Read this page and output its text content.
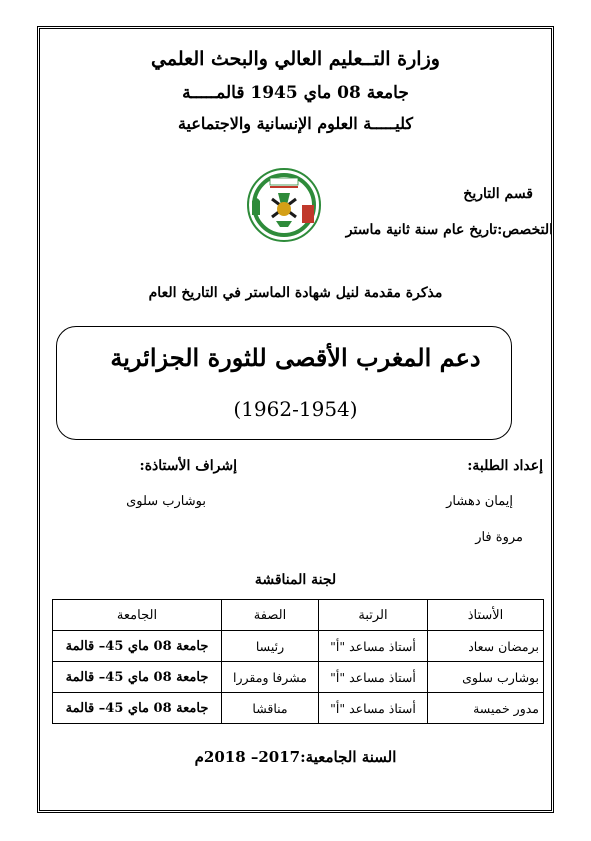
وزارة التــعليم العالي والبحث العلمي
جامعة 08 ماي 1945 قالمـــــة
كليـــــة العلوم الإنسانية والاجتماعية
قسم التاريخ
التخصص:تاريخ عام سنة ثانية ماستر
مذكرة مقدمة لنيل شهادة الماستر في التاريخ العام
دعم المغرب الأقصى للثورة الجزائرية
(1962-1954)
إعداد الطلبة:
إيمان دهشار
مروة فار
إشراف الأستاذة:
بوشارب سلوى
لجنة المناقشة
الأستاذ	الرتبة	الصفة	الجامعة
برمضان سعاد	أستاذ مساعد "أ"	رئيسا	جامعة 08 ماي 45– قالمة
بوشارب سلوى	أستاذ مساعد "أ"	مشرفا ومقررا	جامعة 08 ماي 45– قالمة
مدور خميسة	أستاذ مساعد "أ"	مناقشا	جامعة 08 ماي 45– قالمة
السنة الجامعية:2017– 2018م
